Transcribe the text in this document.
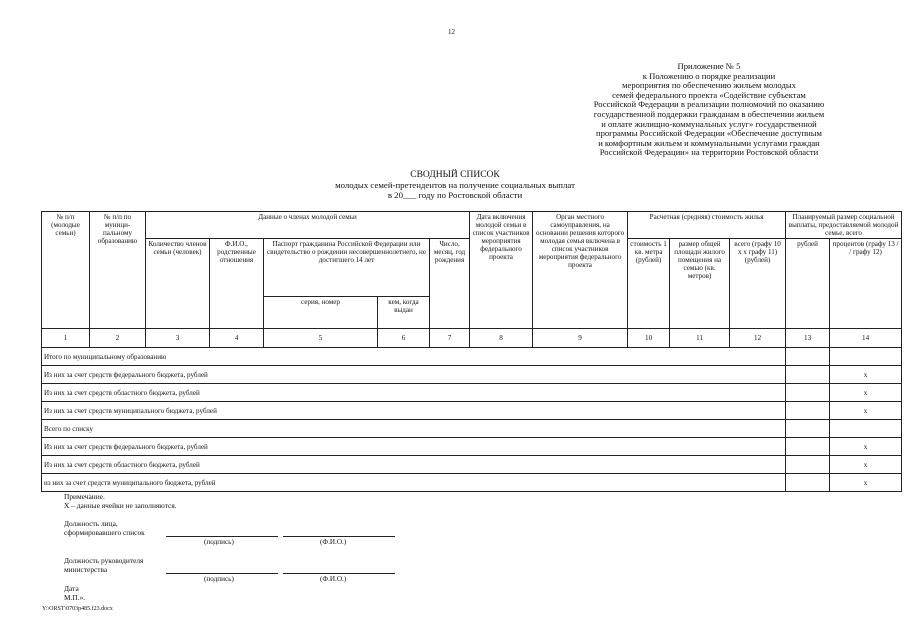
12
Приложение № 5
к Положению о порядке реализации
мероприятия по обеспечению жильем молодых
семей федерального проекта «Содействие субъектам
Российской Федерации в реализации полномочий по оказанию
государственной поддержки гражданам в обеспечении жильем
и оплате жилищно-коммунальных услуг» государственной
программы Российской Федерации «Обеспечение доступным
и комфортным жильем и коммунальными услугами граждан
Российской Федерации» на территории Ростовской области
СВОДНЫЙ СПИСОК
молодых семей-претендентов на получение социальных выплат
в 20___ году по Ростовской области
№ п/п (молодые семьи)	№ п/п по муници-пальному образованию	Данные о членах молодой семьи					Дата включения молодой семьи в список участников мероприятия федерального проекта	Орган местного самоуправления, на основании решения которого молодая семья включена в список участников мероприятия федерального проекта	Расчетная (средняя) стоимость жилья			Планируемый размер социальной выплаты, предоставляемой молодой семье, всего	
		Количество членов семьи (человек)	Ф.И.О., родственные отношения	Паспорт гражданина Российской Федерации или свидетельство о рождении несовершеннолетнего, не достигшего 14 лет		Число, месяц, год рождения			стоимость 1 кв. метра (рублей)	размер общей площади жилого помещения на семью (кв. метров)	всего (графу 10 х х графу 11) (рублей)	рублей	процентов (графу 13 / / графу 12)
				серия, номер	кем, когда выдан								
1	2	3	4	5	6	7	8	9	10	11	12	13	14
Итого по муниципальному образованию													
Из них за счет средств федерального бюджета, рублей													х
Из них за счет средств областного бюджета, рублей													х
Из них за счет средств муниципального бюджета, рублей													х
Всего по списку													
Из них за счет средств федерального бюджета, рублей													х
Из них за счет средств областного бюджета, рублей													х
из них за счет средств муниципального бюджета, рублей													х
Примечание.
Х – данные ячейки не заполняются.
Должность лица,
сформировавшего список
(подпись)	(Ф.И.О.)
Должность руководителя
министерства
(подпись)	(Ф.И.О.)
Дата
М.П.».
Y:\ORST\0703p485.f23.docx
